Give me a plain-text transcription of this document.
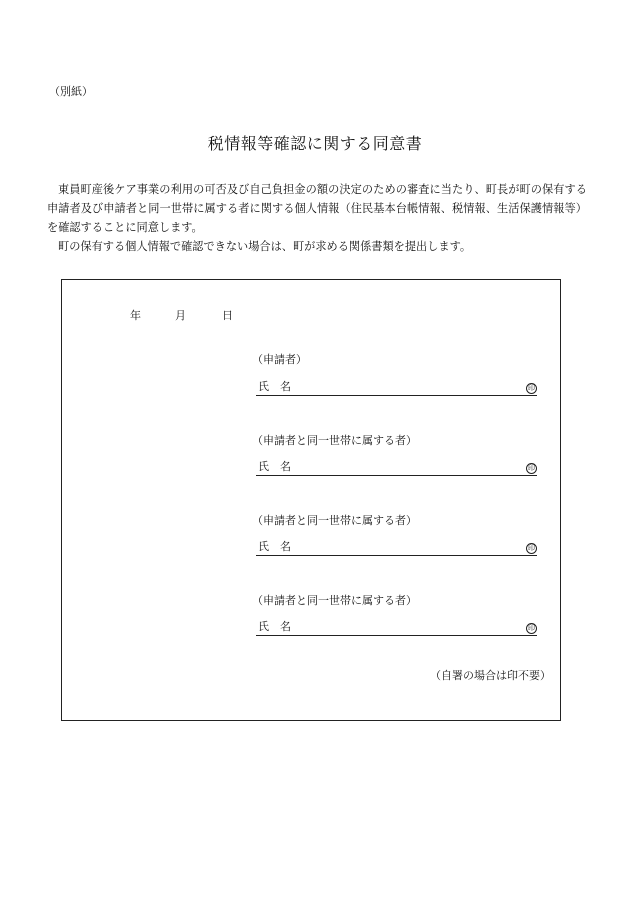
（別紙）
税情報等確認に関する同意書

東員町産後ケア事業の利用の可否及び自己負担金の額の決定のための審査に当たり、町長が町の保有する申請者及び申請者と同一世帯に属する者に関する個人情報（住民基本台帳情報、税情報、生活保護情報等）を確認することに同意します。

町の保有する個人情報で確認できない場合は、町が求める関係書類を提出します。

年	月	日
（申請者）
氏　名	印
（申請者と同一世帯に属する者）
氏　名	印
（申請者と同一世帯に属する者）
氏　名	印
（申請者と同一世帯に属する者）
氏　名	印
（自署の場合は印不要）
